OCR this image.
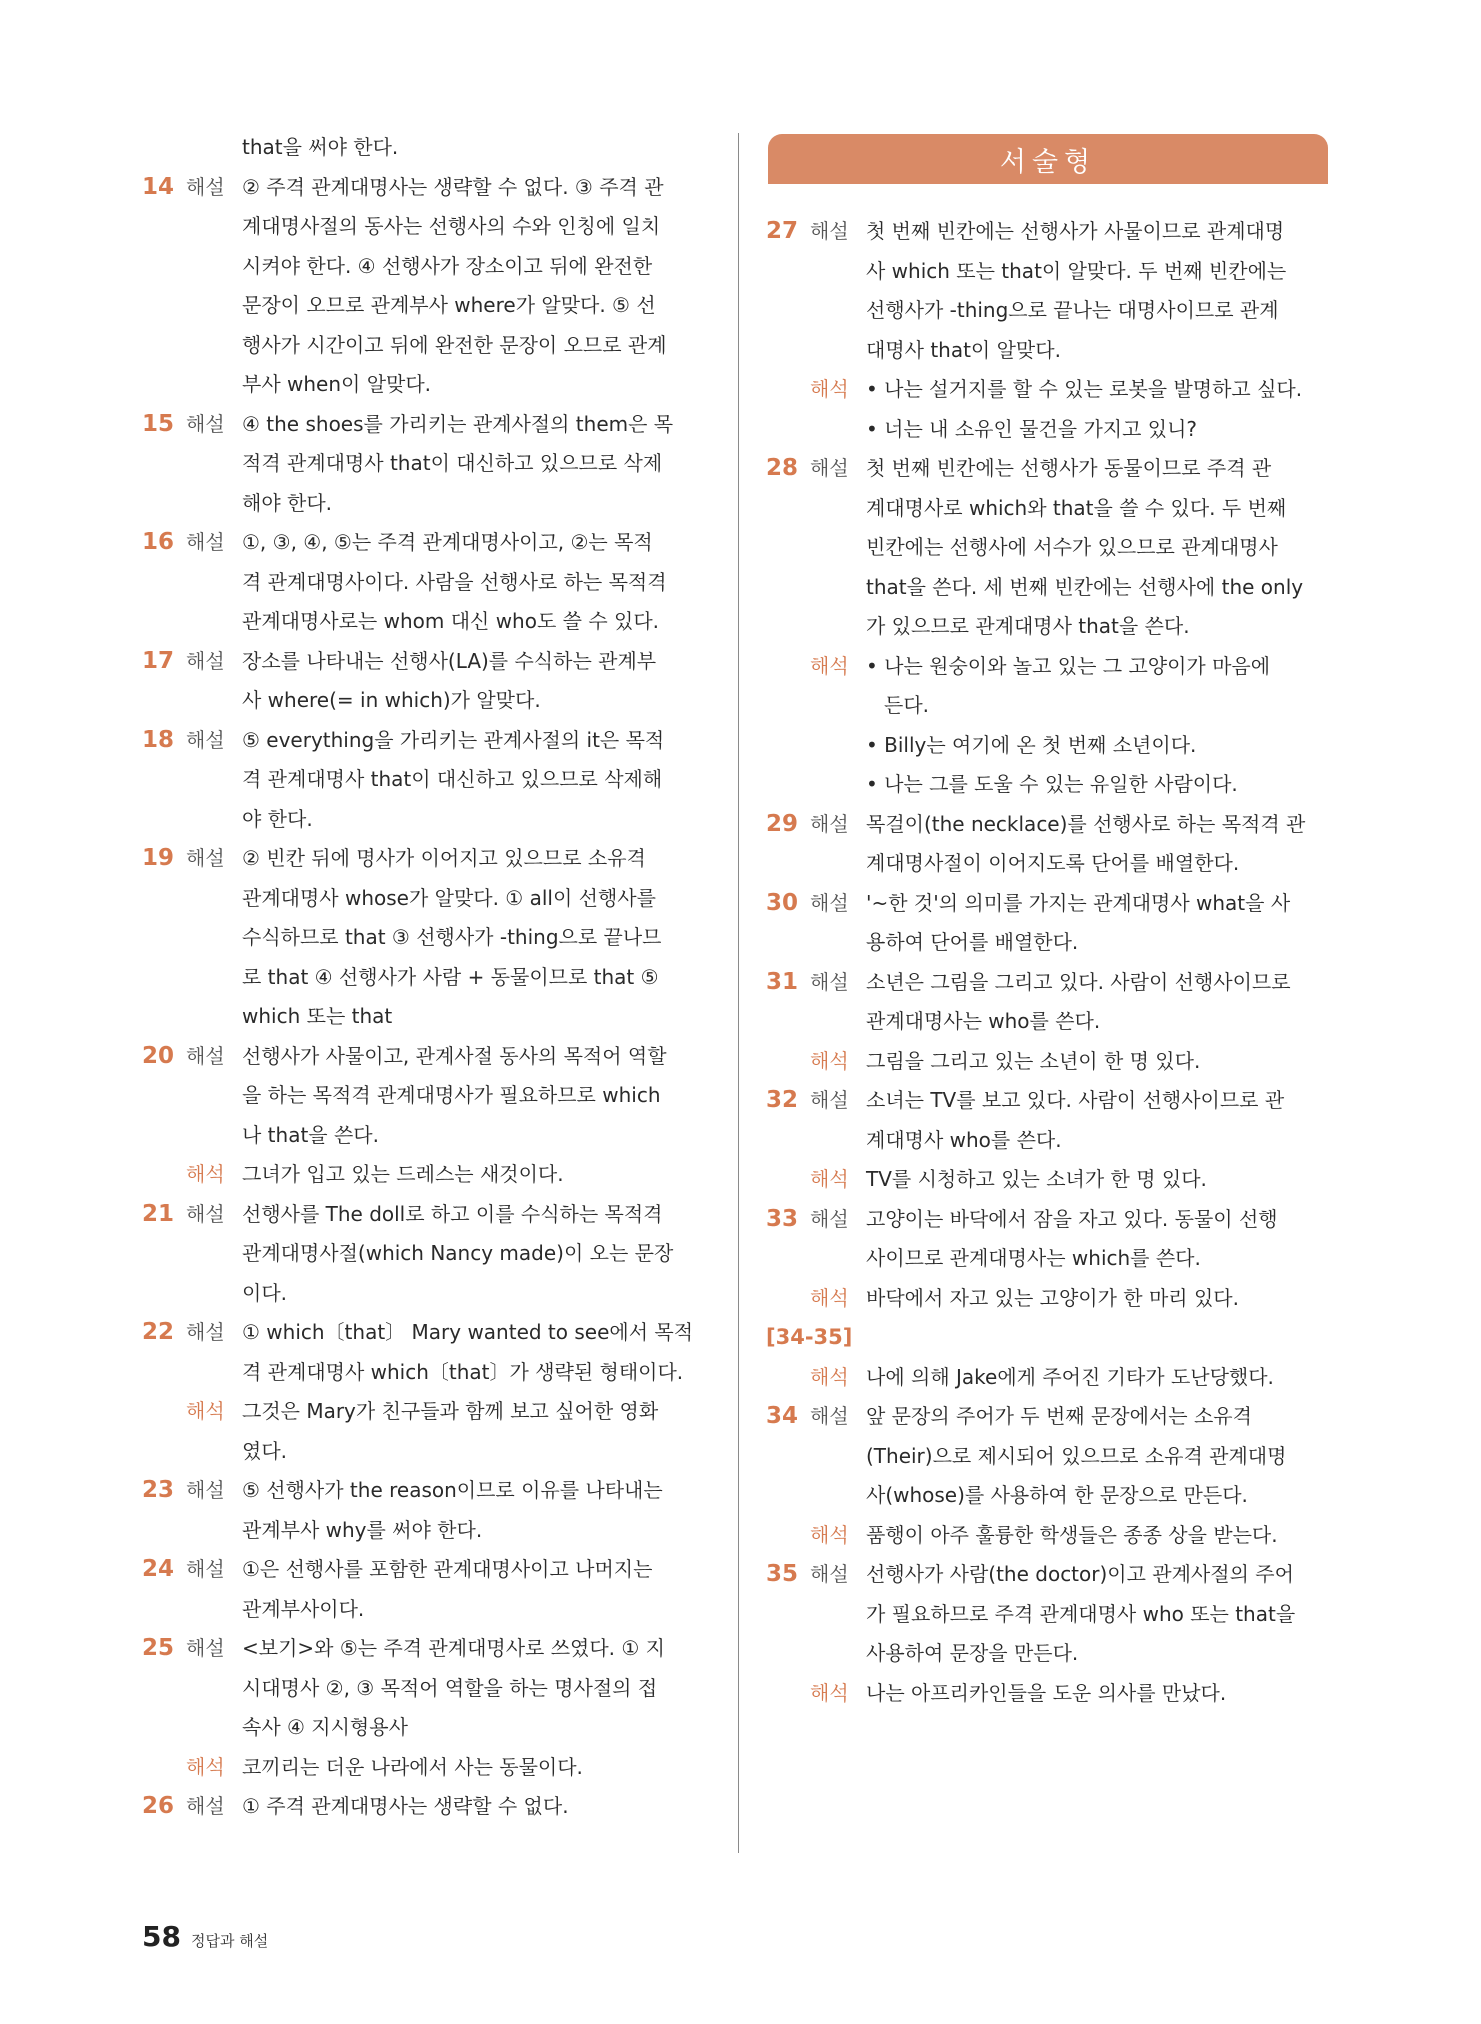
서술형
that을 써야 한다.
14 해설 ② 주격 관계대명사는 생략할 수 없다. ③ 주격 관
계대명사절의 동사는 선행사의 수와 인칭에 일치
시켜야 한다. ④ 선행사가 장소이고 뒤에 완전한
문장이 오므로 관계부사 where가 알맞다. ⑤ 선
행사가 시간이고 뒤에 완전한 문장이 오므로 관계
부사 when이 알맞다.
15 해설 ④ the shoes를 가리키는 관계사절의 them은 목
적격 관계대명사 that이 대신하고 있으므로 삭제
해야 한다.
16 해설 ①, ③, ④, ⑤는 주격 관계대명사이고, ②는 목적
격 관계대명사이다. 사람을 선행사로 하는 목적격
관계대명사로는 whom 대신 who도 쓸 수 있다.
17 해설 장소를 나타내는 선행사(LA)를 수식하는 관계부
사 where(= in which)가 알맞다.
18 해설 ⑤ everything을 가리키는 관계사절의 it은 목적
격 관계대명사 that이 대신하고 있으므로 삭제해
야 한다.
19 해설 ② 빈칸 뒤에 명사가 이어지고 있으므로 소유격
관계대명사 whose가 알맞다. ① all이 선행사를
수식하므로 that ③ 선행사가 -thing으로 끝나므
로 that ④ 선행사가 사람 + 동물이므로 that ⑤
which 또는 that
20 해설 선행사가 사물이고, 관계사절 동사의 목적어 역할
을 하는 목적격 관계대명사가 필요하므로 which
나 that을 쓴다.
해석 그녀가 입고 있는 드레스는 새것이다.
21 해설 선행사를 The doll로 하고 이를 수식하는 목적격
관계대명사절(which Nancy made)이 오는 문장
이다.
22 해설 ① which〔that〕 Mary wanted to see에서 목적
격 관계대명사 which〔that〕가 생략된 형태이다.
해석 그것은 Mary가 친구들과 함께 보고 싶어한 영화
였다.
23 해설 ⑤ 선행사가 the reason이므로 이유를 나타내는
관계부사 why를 써야 한다.
24 해설 ①은 선행사를 포함한 관계대명사이고 나머지는
관계부사이다.
25 해설 <보기>와 ⑤는 주격 관계대명사로 쓰였다. ① 지
시대명사 ②, ③ 목적어 역할을 하는 명사절의 접
속사 ④ 지시형용사
해석 코끼리는 더운 나라에서 사는 동물이다.
26 해설 ① 주격 관계대명사는 생략할 수 없다.
27 해설 첫 번째 빈칸에는 선행사가 사물이므로 관계대명
사 which 또는 that이 알맞다. 두 번째 빈칸에는
선행사가 -thing으로 끝나는 대명사이므로 관계
대명사 that이 알맞다.
해석 • 나는 설거지를 할 수 있는 로봇을 발명하고 싶다.
• 너는 내 소유인 물건을 가지고 있니?
28 해설 첫 번째 빈칸에는 선행사가 동물이므로 주격 관
계대명사로 which와 that을 쓸 수 있다. 두 번째
빈칸에는 선행사에 서수가 있으므로 관계대명사
that을 쓴다. 세 번째 빈칸에는 선행사에 the only
가 있으므로 관계대명사 that을 쓴다.
해석 • 나는 원숭이와 놀고 있는 그 고양이가 마음에
든다.
• Billy는 여기에 온 첫 번째 소년이다.
• 나는 그를 도울 수 있는 유일한 사람이다.
29 해설 목걸이(the necklace)를 선행사로 하는 목적격 관
계대명사절이 이어지도록 단어를 배열한다.
30 해설 '~한 것'의 의미를 가지는 관계대명사 what을 사
용하여 단어를 배열한다.
31 해설 소년은 그림을 그리고 있다. 사람이 선행사이므로
관계대명사는 who를 쓴다.
해석 그림을 그리고 있는 소년이 한 명 있다.
32 해설 소녀는 TV를 보고 있다. 사람이 선행사이므로 관
계대명사 who를 쓴다.
해석 TV를 시청하고 있는 소녀가 한 명 있다.
33 해설 고양이는 바닥에서 잠을 자고 있다. 동물이 선행
사이므로 관계대명사는 which를 쓴다.
해석 바닥에서 자고 있는 고양이가 한 마리 있다.
[34-35]
해석 나에 의해 Jake에게 주어진 기타가 도난당했다.
34 해설 앞 문장의 주어가 두 번째 문장에서는 소유격
(Their)으로 제시되어 있으므로 소유격 관계대명
사(whose)를 사용하여 한 문장으로 만든다.
해석 품행이 아주 훌륭한 학생들은 종종 상을 받는다.
35 해설 선행사가 사람(the doctor)이고 관계사절의 주어
가 필요하므로 주격 관계대명사 who 또는 that을
사용하여 문장을 만든다.
해석 나는 아프리카인들을 도운 의사를 만났다.
58 정답과 해설
